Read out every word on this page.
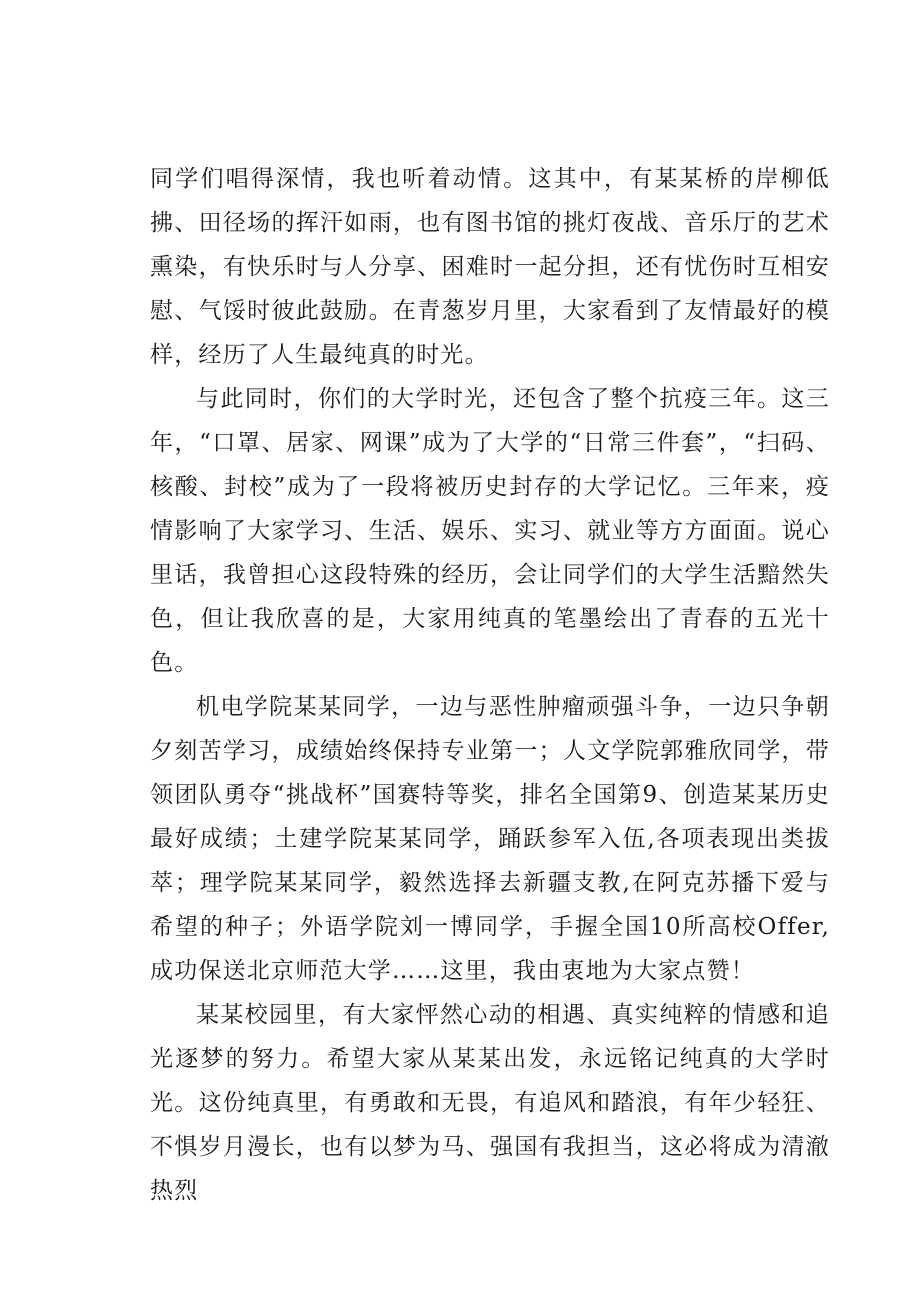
同学们唱得深情，我也听着动情。这其中，有某某桥的岸柳低拂、田径场的挥汗如雨，也有图书馆的挑灯夜战、音乐厅的艺术熏染，有快乐时与人分享、困难时一起分担，还有忧伤时互相安慰、气馁时彼此鼓励。在青葱岁月里，大家看到了友情最好的模样，经历了人生最纯真的时光。

与此同时，你们的大学时光，还包含了整个抗疫三年。这三年，“口罩、居家、网课”成为了大学的“日常三件套”，“扫码、核酸、封校”成为了一段将被历史封存的大学记忆。三年来，疫情影响了大家学习、生活、娱乐、实习、就业等方方面面。说心里话，我曾担心这段特殊的经历，会让同学们的大学生活黯然失色，但让我欣喜的是，大家用纯真的笔墨绘出了青春的五光十色。

机电学院某某同学，一边与恶性肿瘤顽强斗争，一边只争朝夕刻苦学习，成绩始终保持专业第一；人文学院郭雅欣同学，带领团队勇夺“挑战杯”国赛特等奖，排名全国第9、创造某某历史最好成绩；土建学院某某同学，踊跃参军入伍,各项表现出类拔萃；理学院某某同学，毅然选择去新疆支教,在阿克苏播下爱与希望的种子；外语学院刘一博同学，手握全国10所高校Offer,成功保送北京师范大学……这里，我由衷地为大家点赞！

某某校园里，有大家怦然心动的相遇、真实纯粹的情感和追光逐梦的努力。希望大家从某某出发，永远铭记纯真的大学时光。这份纯真里，有勇敢和无畏，有追风和踏浪，有年少轻狂、不惧岁月漫长，也有以梦为马、强国有我担当，这必将成为清澈热烈
